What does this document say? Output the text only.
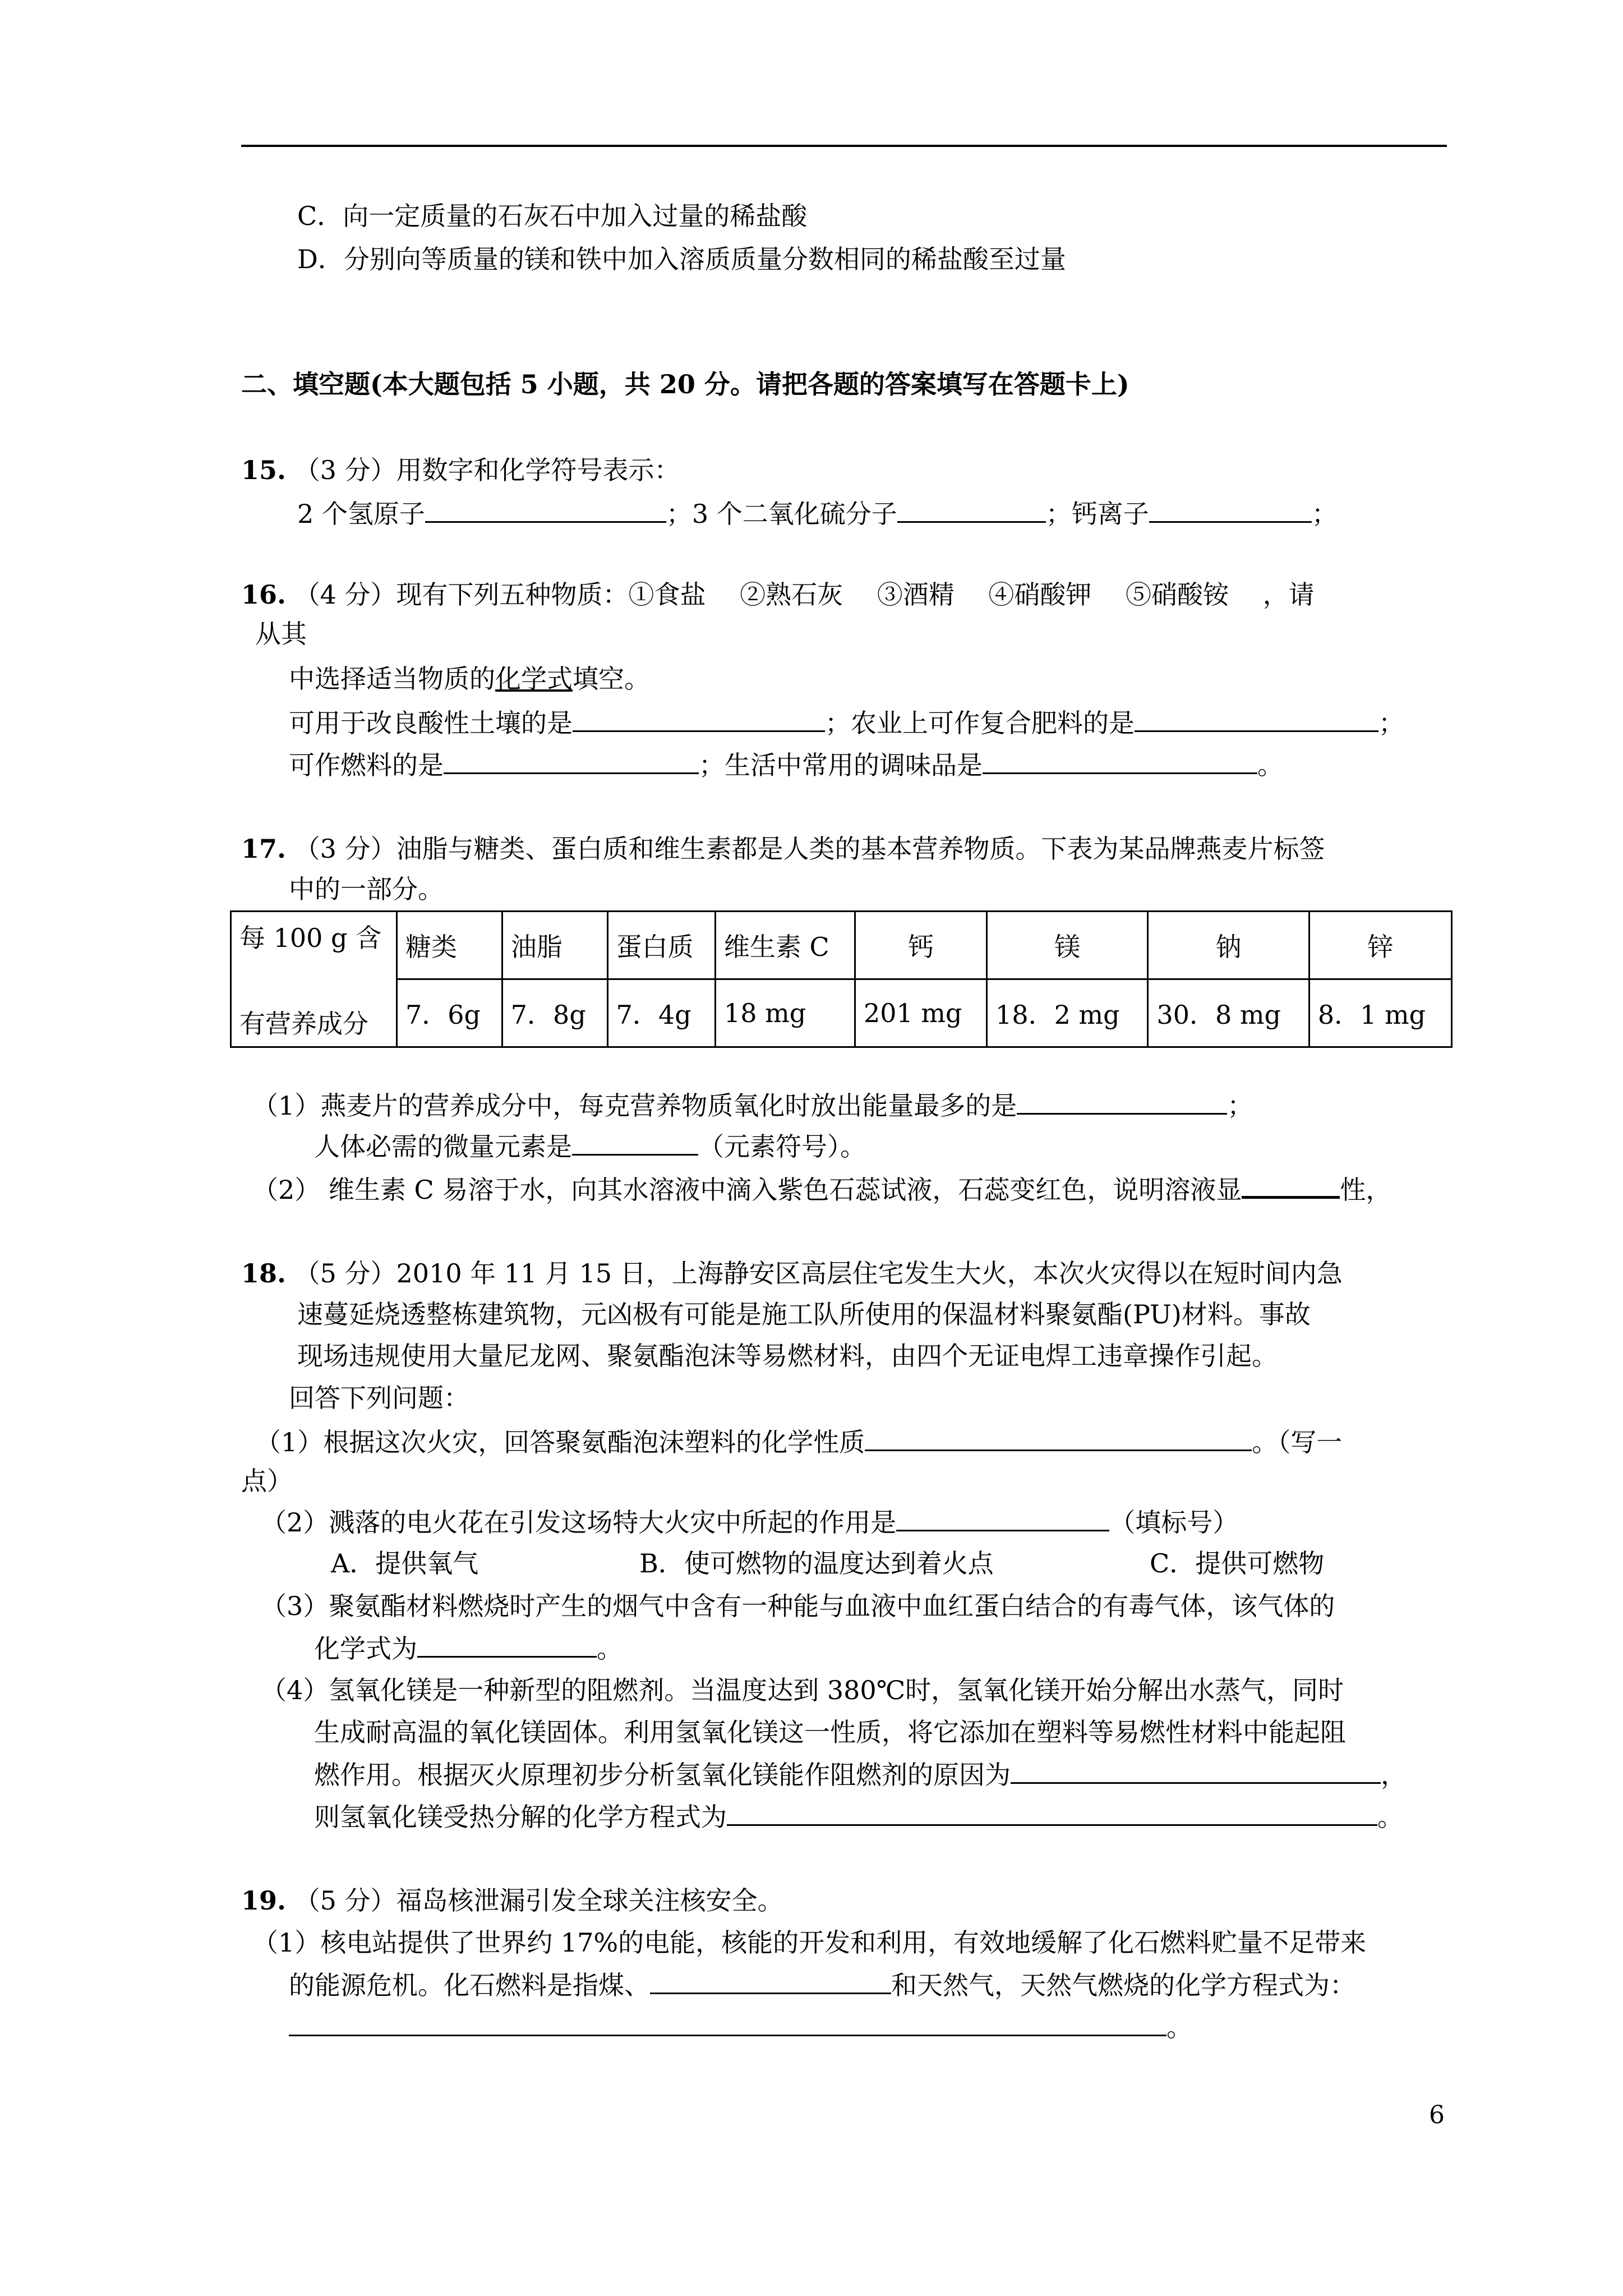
C．向一定质量的石灰石中加入过量的稀盐酸
D．分别向等质量的镁和铁中加入溶质质量分数相同的稀盐酸至过量
二、填空题(本大题包括 5 小题，共 20 分。请把各题的答案填写在答题卡上)
15. （3 分）用数字和化学符号表示：
2 个氢原子	；3 个二氧化硫分子	；钙离子	；
16. （4 分）现有下列五种物质：①食盐　 ②熟石灰　 ③酒精　 ④硝酸钾　 ⑤硝酸铵　 ，请
从其
中选择适当物质的化学式填空。
可用于改良酸性土壤的是	；农业上可作复合肥料的是	；
可作燃料的是	；生活中常用的调味品是	。
17. （3 分）油脂与糖类、蛋白质和维生素都是人类的基本营养物质。下表为某品牌燕麦片标签
中的一部分。
每 100 g 含	糖类	油脂	蛋白质	维生素 C	钙	镁	钠	锌
有营养成分	7．6g	7．8g	7．4g	18 mg	201 mg	18．2 mg	30．8 mg	8．1 mg
（1）燕麦片的营养成分中，每克营养物质氧化时放出能量最多的是	；
人体必需的微量元素是	（元素符号）。
（2） 维生素 C 易溶于水，向其水溶液中滴入紫色石蕊试液，石蕊变红色，说明溶液显	性，
18. （5 分）2010 年 11 月 15 日，上海静安区高层住宅发生大火，本次火灾得以在短时间内急
速蔓延烧透整栋建筑物，元凶极有可能是施工队所使用的保温材料聚氨酯(PU)材料。事故
现场违规使用大量尼龙网、聚氨酯泡沫等易燃材料，由四个无证电焊工违章操作引起。
回答下列问题：
（1）根据这次火灾，回答聚氨酯泡沫塑料的化学性质	。（写一
点）
（2）溅落的电火花在引发这场特大火灾中所起的作用是	（填标号）
A．提供氧气	B．使可燃物的温度达到着火点	C．提供可燃物
（3）聚氨酯材料燃烧时产生的烟气中含有一种能与血液中血红蛋白结合的有毒气体，该气体的
化学式为	。
（4）氢氧化镁是一种新型的阻燃剂。当温度达到 380℃时，氢氧化镁开始分解出水蒸气，同时
生成耐高温的氧化镁固体。利用氢氧化镁这一性质，将它添加在塑料等易燃性材料中能起阻
燃作用。根据灭火原理初步分析氢氧化镁能作阻燃剂的原因为	，
则氢氧化镁受热分解的化学方程式为	。
19. （5 分）福岛核泄漏引发全球关注核安全。
（1）核电站提供了世界约 17%的电能，核能的开发和利用，有效地缓解了化石燃料贮量不足带来
的能源危机。化石燃料是指煤、	和天然气，天然气燃烧的化学方程式为：
。
6
